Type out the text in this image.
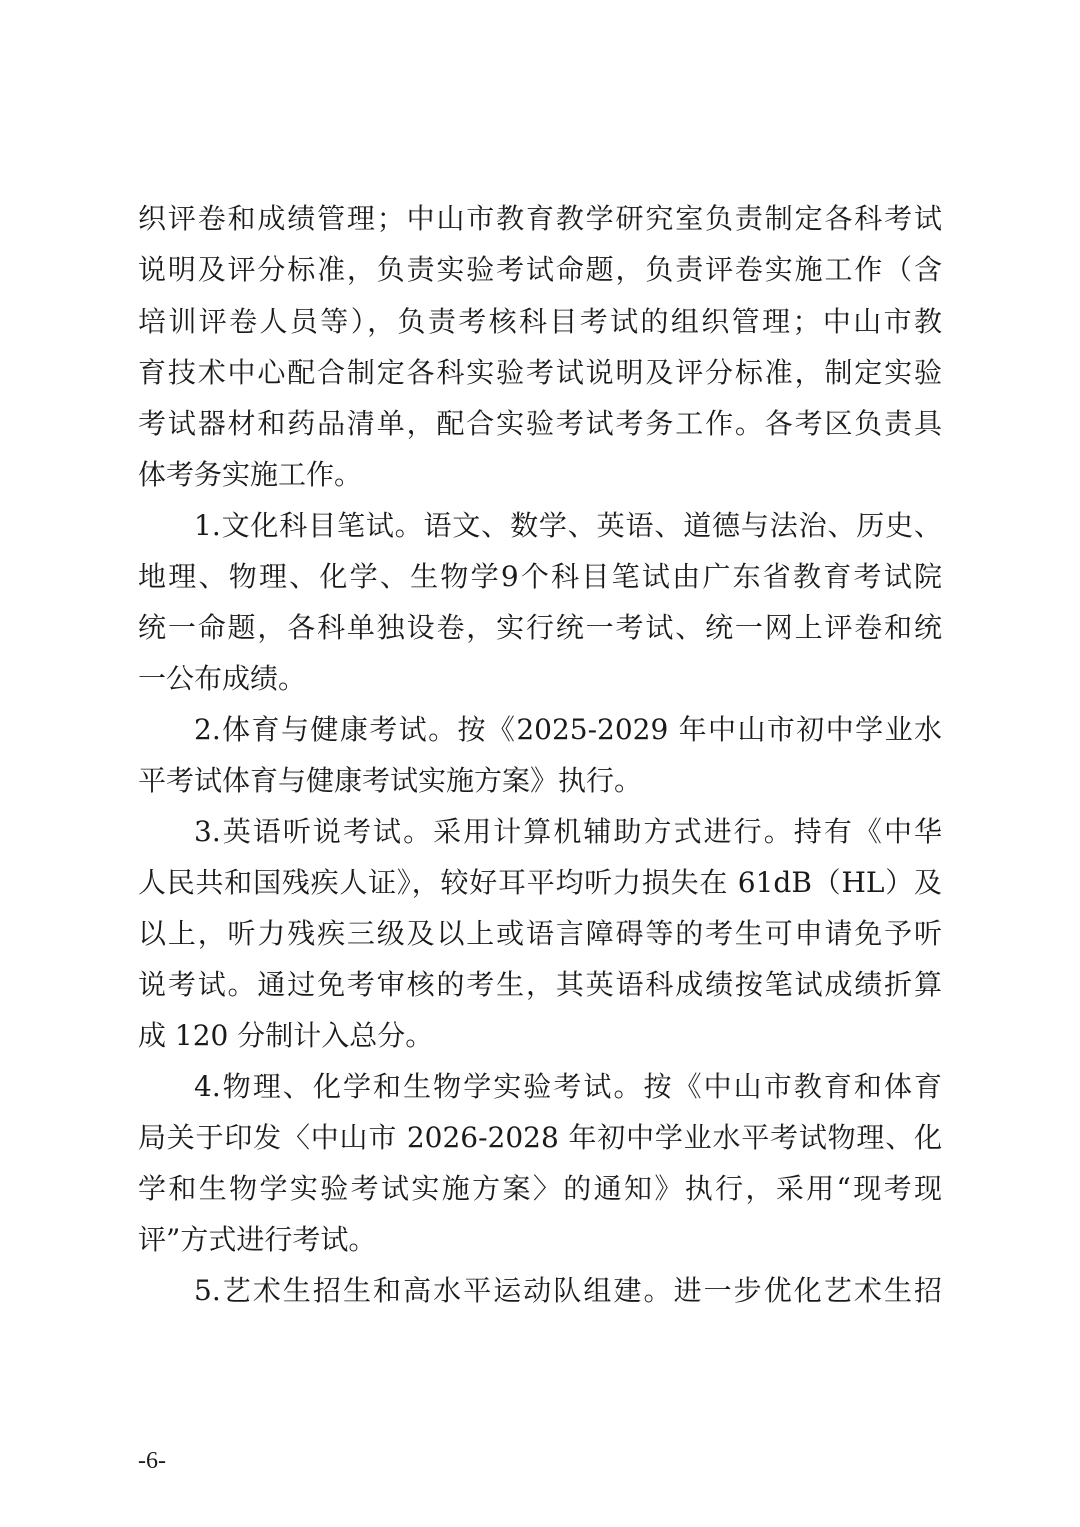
织评卷和成绩管理；中山市教育教学研究室负责制定各科考试
说明及评分标准，负责实验考试命题，负责评卷实施工作（含
培训评卷人员等），负责考核科目考试的组织管理；中山市教
育技术中心配合制定各科实验考试说明及评分标准，制定实验
考试器材和药品清单，配合实验考试考务工作。各考区负责具
体考务实施工作。
1.文化科目笔试。语文、数学、英语、道德与法治、历史、
地理、物理、化学、生物学9个科目笔试由广东省教育考试院
统一命题，各科单独设卷，实行统一考试、统一网上评卷和统
一公布成绩。
2.体育与健康考试。按《2025-2029 年中山市初中学业水
平考试体育与健康考试实施方案》执行。
3.英语听说考试。采用计算机辅助方式进行。持有《中华
人民共和国残疾人证》，较好耳平均听力损失在 61dB（HL）及
以上，听力残疾三级及以上或语言障碍等的考生可申请免予听
说考试。通过免考审核的考生，其英语科成绩按笔试成绩折算
成 120 分制计入总分。
4.物理、化学和生物学实验考试。按《中山市教育和体育
局关于印发〈中山市 2026-2028 年初中学业水平考试物理、化
学和生物学实验考试实施方案〉的通知》执行，采用“现考现
评”方式进行考试。
5.艺术生招生和高水平运动队组建。进一步优化艺术生招
-6-
